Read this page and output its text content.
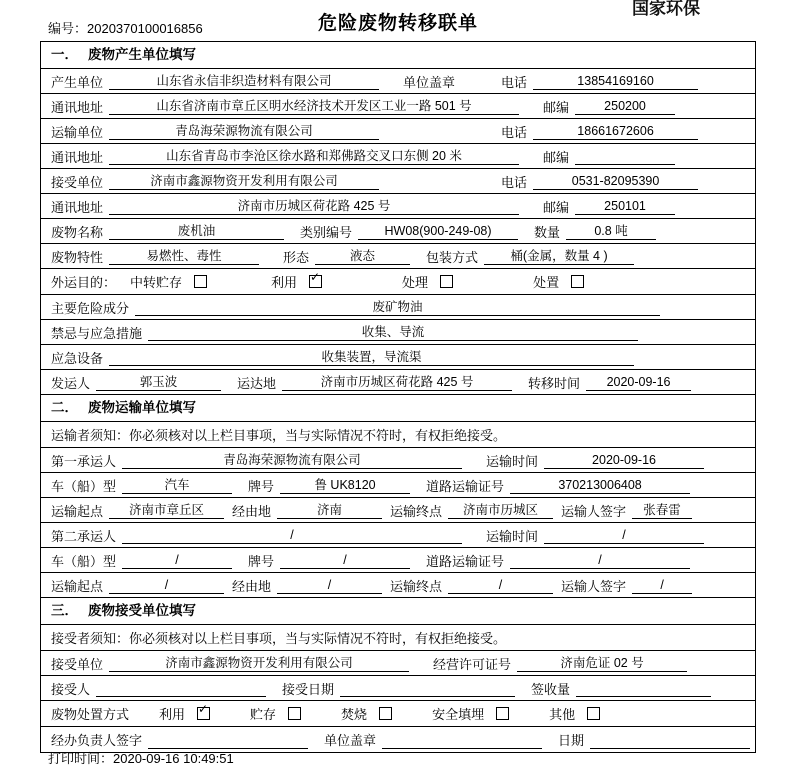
编号：2020370100016856	危险废物转移联单
国家环保
一． 废物产生单位填写
产生单位	山东省永信非织造材料有限公司	单位盖章	电话	13854169160
通讯地址	山东省济南市章丘区明水经济技术开发区工业一路 501 号	邮编	250200
运输单位	青岛海荣源物流有限公司	电话	18661672606
通讯地址	山东省青岛市李沧区徐水路和郑佛路交叉口东侧 20 米	邮编
接受单位	济南市鑫源物资开发利用有限公司	电话	0531-82095390
通讯地址	济南市历城区荷花路 425 号	邮编	250101
废物名称	废机油	类别编号	HW08(900-249-08)	数量	0.8 吨
废物特性	易燃性、毒性	形态	液态	包装方式	桶(金属，数量 4 )
外运目的：	中转贮存	利用 ✓	处理	处置
主要危险成分	废矿物油
禁忌与应急措施	收集、导流
应急设备	收集装置，导流渠
发运人	郭玉波	运达地	济南市历城区荷花路 425 号	转移时间	2020-09-16
二． 废物运输单位填写
运输者须知：你必须核对以上栏目事项，当与实际情况不符时，有权拒绝接受。
第一承运人	青岛海荣源物流有限公司	运输时间	2020-09-16
车（船）型	汽车	牌号	鲁 UK8120	道路运输证号	370213006408
运输起点	济南市章丘区	经由地	济南	运输终点	济南市历城区	运输人签字	张春雷
第二承运人	/	运输时间	/
车（船）型	/	牌号	/	道路运输证号	/
运输起点	/	经由地	/	运输终点	/	运输人签字	/
三． 废物接受单位填写
接受者须知：你必须核对以上栏目事项，当与实际情况不符时，有权拒绝接受。
接受单位	济南市鑫源物资开发利用有限公司	经营许可证号	济南危证 02 号
接受人	接受日期	签收量
废物处置方式	利用 ✓	贮存	焚烧	安全填埋	其他
经办负责人签字	单位盖章	日期
打印时间：2020-09-16 10:49:51
